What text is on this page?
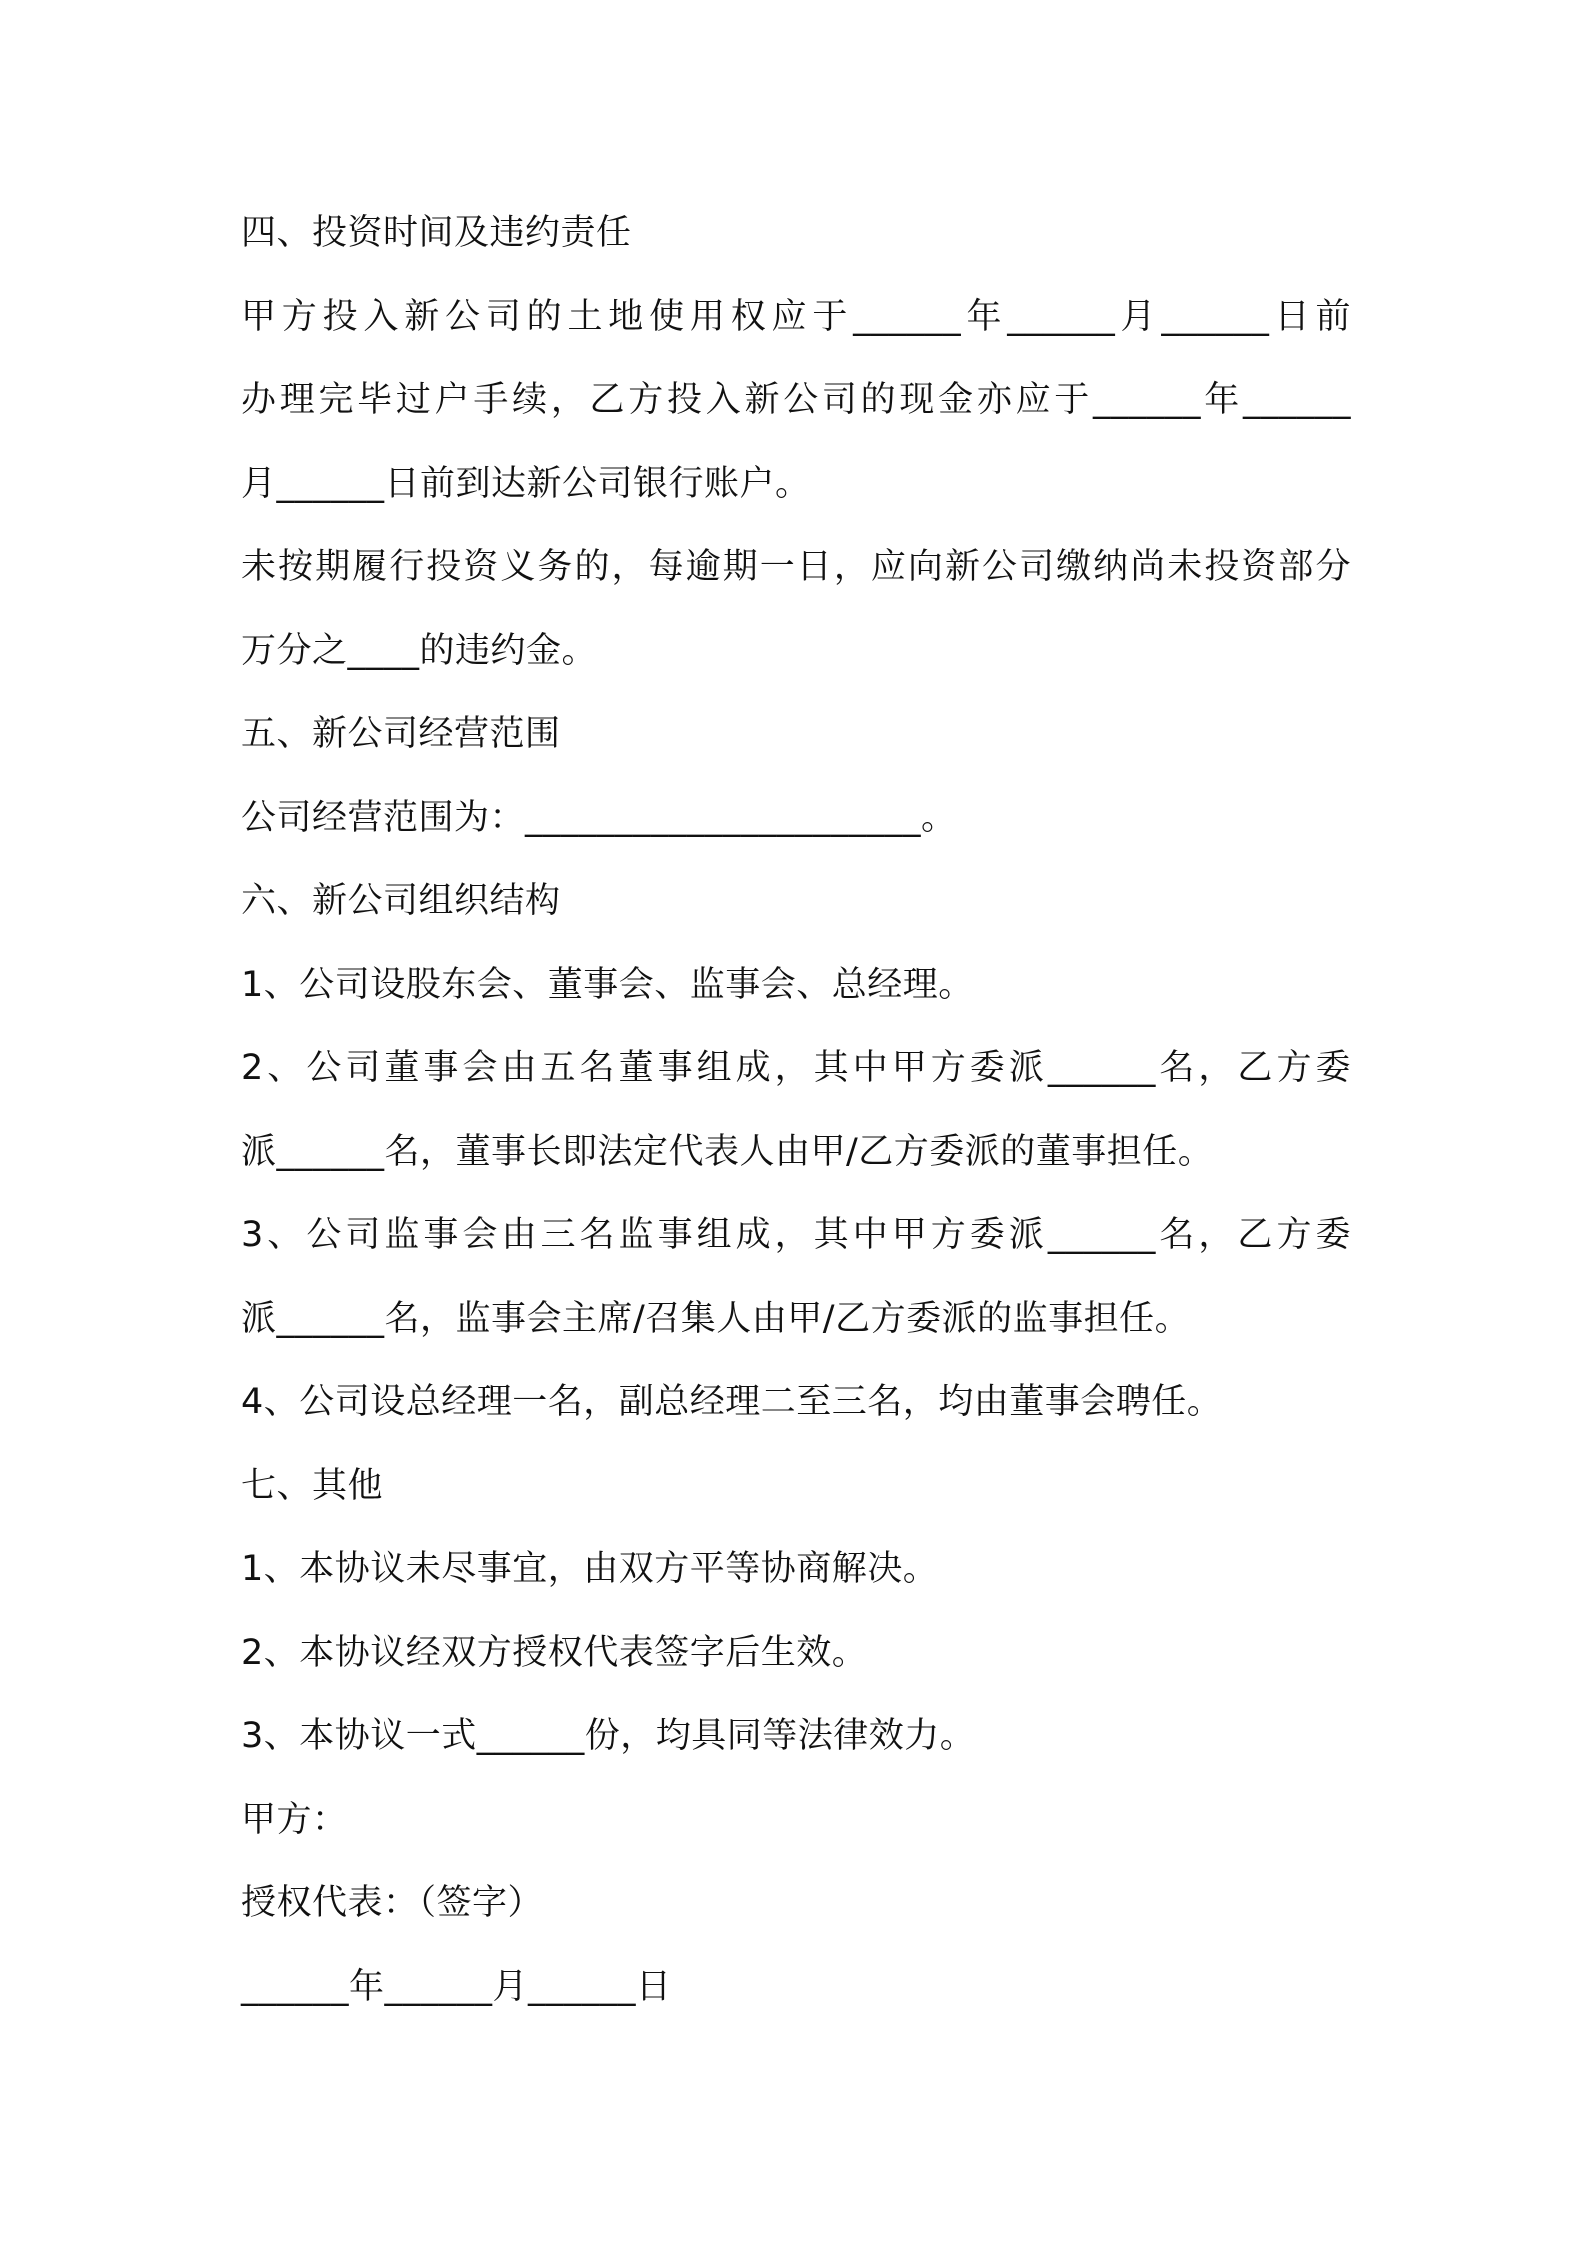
四、投资时间及违约责任

甲方投入新公司的土地使用权应于______年______月______日前

办理完毕过户手续，乙方投入新公司的现金亦应于______年______

月______日前到达新公司银行账户。

未按期履行投资义务的，每逾期一日，应向新公司缴纳尚未投资部分

万分之____的违约金。

五、新公司经营范围

公司经营范围为：______________________。

六、新公司组织结构

1、公司设股东会、董事会、监事会、总经理。

2、公司董事会由五名董事组成，其中甲方委派______名，乙方委

派______名，董事长即法定代表人由甲/乙方委派的董事担任。

3、公司监事会由三名监事组成，其中甲方委派______名，乙方委

派______名，监事会主席/召集人由甲/乙方委派的监事担任。

4、公司设总经理一名，副总经理二至三名，均由董事会聘任。

七、其他

1、本协议未尽事宜，由双方平等协商解决。

2、本协议经双方授权代表签字后生效。

3、本协议一式______份，均具同等法律效力。

甲方：

授权代表：（签字）

______年______月______日
